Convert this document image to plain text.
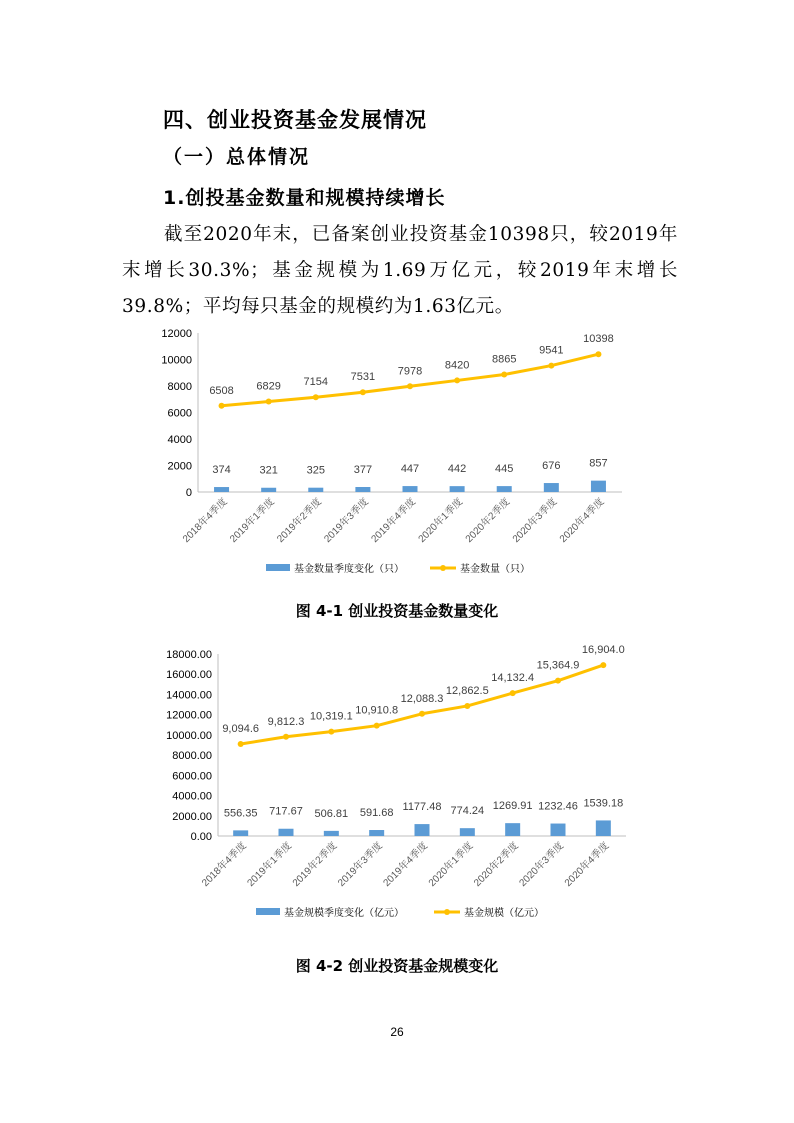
四、创业投资基金发展情况
（一）总体情况
1.创投基金数量和规模持续增长
截至2020年末，已备案创业投资基金10398只，较2019年末增长30.3%；基金规模为1.69万亿元，较2019年末增长39.8%；平均每只基金的规模约为1.63亿元。
0
2000
4000
6000
8000
10000
12000
374	321	325	377	447	442	445	676	857
6508 6829 7154 7531 7978 8420 8865
9541
10398
2018年4季度
2019年1季度
2019年2季度
2019年3季度
2019年4季度
2020年1季度
2020年2季度
2020年3季度
2020年4季度
基金数量季度变化（只）	基金数量（只）
图 4-1 创业投资基金数量变化
0.00
2000.00
4000.00
6000.00
8000.00
10000.00
12000.00
14000.00
16000.00
18000.00
556.35 717.67 506.81 591.68 1177.48 774.24 1269.91 1232.46 1539.18
9,094.6
9,812.3 10,319.1 10,910.8
12,088.3
12,862.5
14,132.4
15,364.9
16,904.0
2018年4季度
2019年1季度
2019年2季度
2019年3季度
2019年4季度
2020年1季度
2020年2季度
2020年3季度
2020年4季度
基金规模季度变化（亿元）	基金规模（亿元）
图 4-2 创业投资基金规模变化
26
